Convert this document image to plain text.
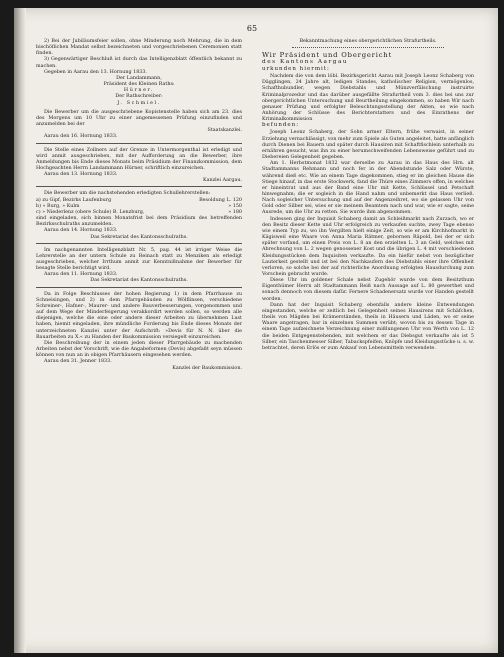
65

2) Bei der Jubiläumsfeier sollen, ohne Minderung noch Mehrung, die in dem bischöflichen Mandat selbst bezeichneten und vorgeschriebenen Ceremonien statt finden.

3) Gegenwärtiger Beschluß ist durch das Intelligenzblatt öffentlich bekannt zu machen.

Gegeben in Aarau den 13. Hornung 1833.

Der Landammann,

Präsident des Kleinen Raths:

Hürner.

Der Rathschreiber:

J. Schmiel.

Die Bewerber um die ausgeschriebene Kopistenstelle haben sich am 23. dies des Morgens um 10 Uhr zu einer angemessenen Prüfung einzufinden und anzumelden bei der

Staatskanzlei.

Aarau den 16. Hornung 1833.

Die Stelle eines Zollners auf der Grenze in Untermorgenthal ist erledigt und wird anmit ausgeschrieben, mit der Aufforderung an die Bewerber, ihre Anmeldungen bis Ende dieses Monats beim Präsidium der Finanzkommission, dem Hochgeachten Herrn Landammann Hürner, schriftlich einzureichen.

Aarau den 13. Hornung 1833.

Kanzlei Aargau.

Die Bewerber um die nachstehenden erledigten Schullehrerstellen:

a) zu Gipf, Bezirks Laufenburg	Besoldung L. 120
b) » Burg, » Kulm	» 150
c) » Niederlenz (obere Schule) B. Lenzburg,	» 180

sind eingeladen, sich binnen Monatsfrist bei dem Präsidium des betreffenden Bezirksschulraths anzumelden.

Aarau den 14. Hornung 1833.

Das Sekretariat des Kantonsschulraths.

Im nachgenannten Intelligenzblatt Nr. 5, pag. 44 ist irriger Weise die Lehrerstelle an der untern Schule zu Reinach statt zu Menziken als erledigt ausgeschrieben, welcher Irrthum anmit zur Kenntnißnahme der Bewerber für besagte Stelle berichtigt wird.

Aarau den 11. Hornung 1833.

Das Sekretariat des Kantonsschulraths.

Da in Folge Beschlusses der hohen Regierung 1) in dem Pfarrhause zu Schneisingen, und 2) in dem Pfarrgebäuden zu Wölflinsen, verschiedene Schreiner-, Hafner-, Maurer- und andere Bauverbesserungen, vorgenommen und auf dem Wege der Minderfeigerung verakkordirt werden sollen, so werden alle diejenigen, welche die eine oder andere dieser Arbeiten zu übernehmen Lust haben, hiemit eingeladen, ihre mündliche Forderung bis Ende dieses Monats der unterzeichneten Kanzlei unter der Aufschrift: »Devis für N. N. über die Bauarbeiten zu X.« zu Handen der Baukommission versiegelt einzureichen.

Die Beschreibung der in einem jeden dieser Pfarrgebäude zu machenden Arbeiten nebst der Vorschrift, wie die Angabeformen (Devis) abgefaßt seyn müssen können von nun an in obigen Pfarrhäusern eingesehen werden.

Aarau den 31. Jenner 1833.

Kanzlei der Baukommission.

Bekanntmachung eines obergerichtlichen Strafurtheils.

Wir Präsident und Obergericht

des Kantons Aargau

urkunden hiermit:

Nachdem die von dem löbl. Bezirksgericht Aarau mit Joseph Leonz Schaberg von Dägglingen, 24 Jahre alt, ledigen Standes, katholischer Religion, vermögenlos, Schafthubundler, wegen Diebstahls und Münzverfälschung instruirte Kriminalprozedur und das darüber ausgefällte Strafurtheil vom 3. dies bei uns zur obergerichtlichen Untersuchung und Beurtheilung eingekommen, so haben Wir nach genauer Prüfung und erfolgter Beleuchtungsstellung der Akten, so wie nach Anhörung der Schlüsse des Berichterstatters und des Einrathens der Kriminalkommission

befunden:

Joseph Leonz Schaberg, der Sohn armer Eltern, frühe verwaist, in seiner Erziehung vernachlässigt, von mehr zum Spiele als Guten angeleitet, hatte anfänglich durch Dienen bei Bauern und später durch Hausiren mit Schaftfischlein unterhalb zu ernähren gesucht, was ihn zu einer herumschweifenden Lebensweise geführt und zu Diebereien Gelegenheit gegeben.

Am 1. Herbstmonat 1832 war derselbe zu Aarau in das Haus des Hrn. alt Stadtammanns Rehmann und noch fer in der Abendstunde Salz oder Würste, während dieß etc. Wie an einem Tage dagekommen, stieg er im gleichen Hause die Stiege hinauf, in das erste Stockwerk, fand die Thüre eines Zimmers offen, in welches er hineintrat und aus der Band eine Uhr mit Kette, Schlüssel und Petschaft hinwegnahm; die er sogleich in die Hand nahm und unbemerkt das Haus verließ. Nach sogleicher Untersuchung und auf der Angenzeihret, wo sie gelassen Uhr von Gold oder Silber sei, wies er sie meinem Beamtem nach und war, wie er sagte, seine Ausrede, um die Uhr zu retten. Sie wurde ihm abgenommen.

Indessen ging der Inquisit Schaberg damit an Schleißmarkt nach Zurzach, wo er den Besitz dieser Kette und Uhr erfolgreich zu verkaufen suchte, zwey Tage ebenso wie einem Typ zu, wo ihn Vergilten hielt einige Zeit, so wie er am Kirchhofmarkt in Kägisweil eine Waare von Anna Maria Rätmer, gebornen Räpold, bei der er sich später vorfand, um einen Preis von L. 8 an den erzielten L. 3 an Geld, welches mit Abrechnung von L. 2 wegen genossener Kost und die übrigen L. 4 mit verschiedenen Kleidungsstücken dem Inquisiten verkaufte. Da ein hiefür nebst von bezüglicher Lauterkeit gestellt und ist bei den Nachkaufern des Diebstahls einer ihre Offenheit verloren, so solche bei der auf richterliche Anordnung erfolgten Hausdurchung zum Vorschein gebracht wurde.

Diese Uhr im goldener Schale nebst Zugehör wurde von dem Besitzthum Eigenthümer Herrn alt Stadtammann Reiß nach Aussage auf L. 80 gewerthet und sonach dennoch von diesem dafür. Fernere Schadenersatz wurde vor Handen gestellt worden.

Dann hat der Inquisit Schaberg ebenfalls andere kleine Entwendungen eingestanden, welche er zeitlich bei Gelegenheit seines Hausirens mit Schäfchen, theils von Mägden bei Krämerständen, theils in Häusern und Läden, wo er seine Waare angetragen, bar in einzelnen Summen verübt; wovon bis zu dessen Tage in einem Tage aufzeichnete Verzeichnung einer mißlungenen Uhr von Werth von L. 12 die beiden Entgegenstehenden, mit welchem er das Diebsgut verkaufte als ist 5 Silber, ein Taschenmesser Silber, Tabackspfeifen, Knöpfe und Kleidungsstücke u. s. w. betrachtet, deren Erlös er zum Ankauf von Lebensmitteln verwendete.
